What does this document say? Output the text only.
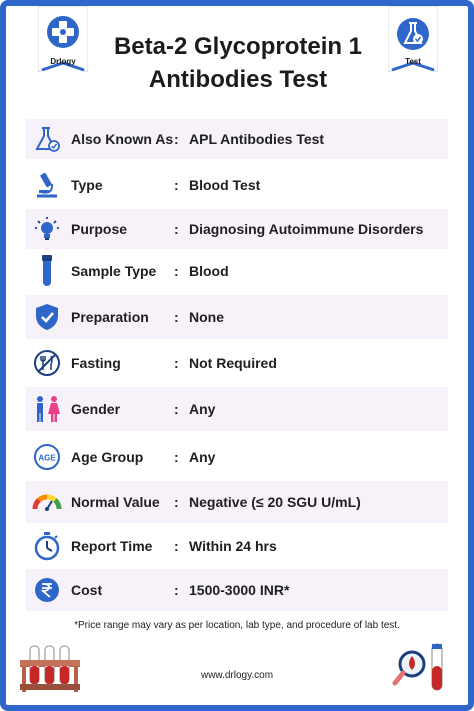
Drlogy	Test
Beta-2 Glycoprotein 1
Antibodies Test
Also Known As : APL Antibodies Test
Type	: Blood Test
Purpose	: Diagnosing Autoimmune Disorders
Sample Type : Blood
Preparation : None
Fasting	: Not Required
Gender	: Any
AGE Age Group : Any
Normal Value : Negative (≤ 20 SGU U/mL)
Report Time : Within 24 hrs
Cost	: 1500-3000 INR*
*Price range may vary as per location, lab type, and procedure of lab test.
www.drlogy.com
